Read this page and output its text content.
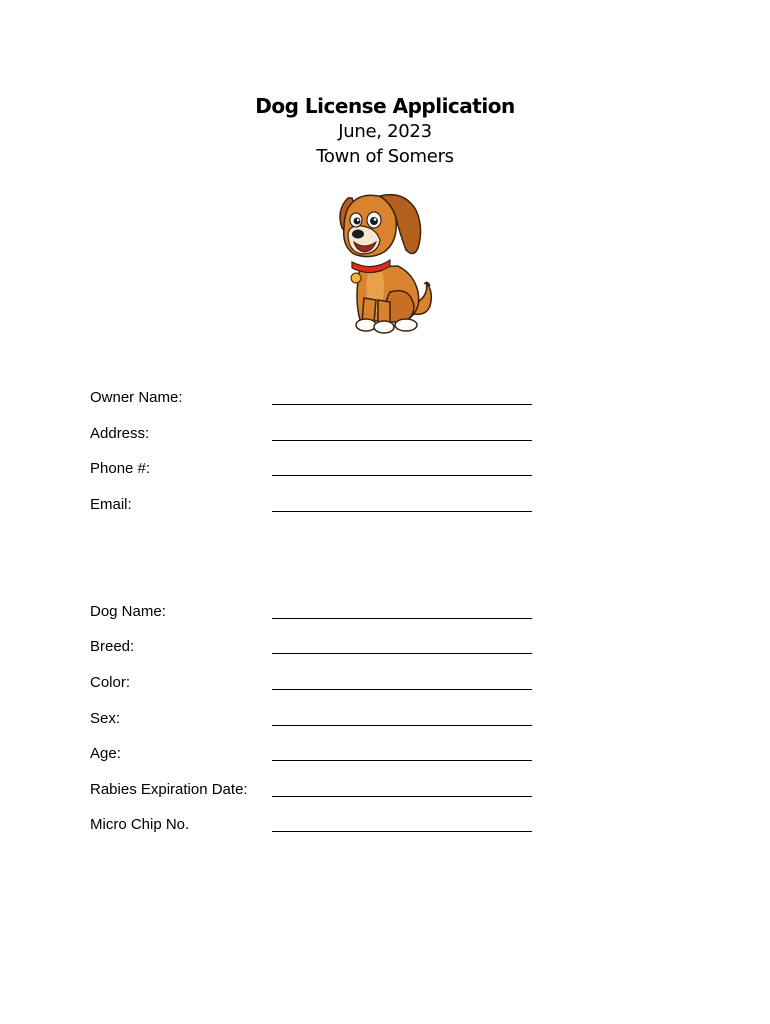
Dog License Application
June, 2023
Town of Somers
Owner Name:
Address:
Phone #:
Email:
Dog Name:
Breed:
Color:
Sex:
Age:
Rabies Expiration Date:
Micro Chip No.
